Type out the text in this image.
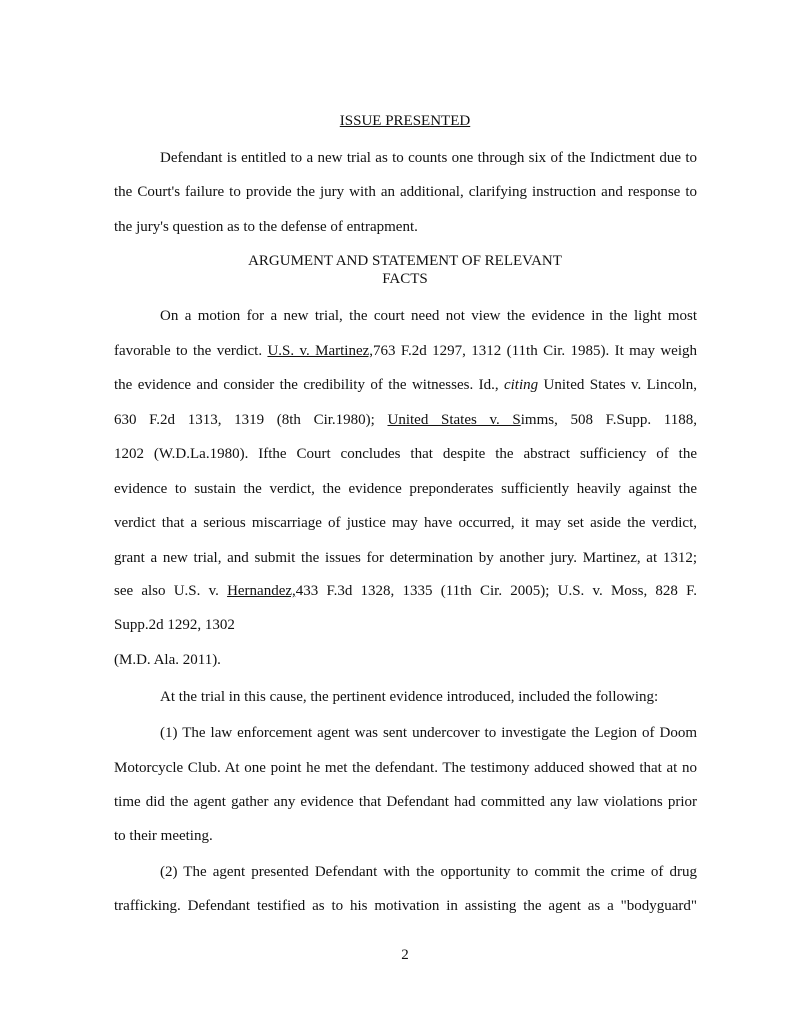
ISSUE PRESENTED
Defendant is entitled to a new trial as to counts one through six of the Indictment due to
the Court's failure to provide the jury with an additional, clarifying instruction and response to
the jury's question as to the defense of entrapment.
ARGUMENT AND STATEMENT OF RELEVANT
FACTS
On a motion for a new trial, the court need not view the evidence in the light most
favorable to the verdict. U.S. v. Martinez,763 F.2d 1297, 1312 (11th Cir. 1985). It may weigh
the evidence and consider the credibility of the witnesses. Id., citing United States v. Lincoln,
630 F.2d 1313, 1319 (8th Cir.1980); United States v. Simms, 508 F.Supp. 1188,
1202 (W.D.La.1980). Ifthe Court concludes that despite the abstract sufficiency of the
evidence to sustain the verdict, the evidence preponderates sufficiently heavily against the
verdict that a serious miscarriage of justice may have occurred, it may set aside the verdict,
grant a new trial, and submit the issues for determination by another jury. Martinez, at 1312;
see also U.S. v. Hernandez,433 F.3d 1328, 1335 (11th Cir. 2005); U.S. v. Moss, 828 F.
Supp.2d 1292, 1302
(M.D. Ala. 2011).
At the trial in this cause, the pertinent evidence introduced, included the following:
(1) The law enforcement agent was sent undercover to investigate the Legion of Doom
Motorcycle Club. At one point he met the defendant. The testimony adduced showed that at no
time did the agent gather any evidence that Defendant had committed any law violations prior
to their meeting.
(2) The agent presented Defendant with the opportunity to commit the crime of drug
trafficking. Defendant testified as to his motivation in assisting the agent as a "bodyguard"
2
